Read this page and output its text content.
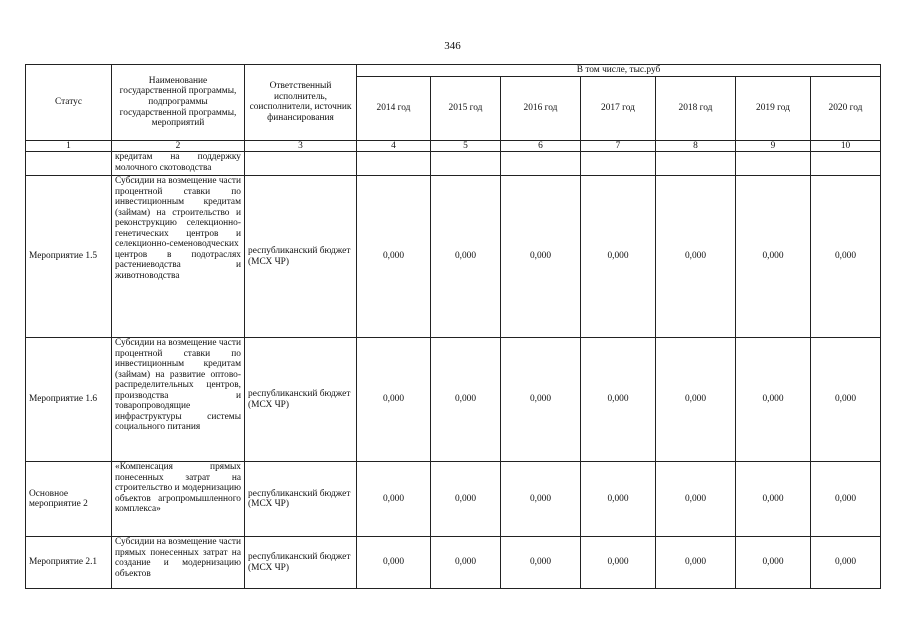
346
Статус	Наименование государственной программы, подпрограммы государственной программы, мероприятий	Ответственный исполнитель, соисполнители, источник финансирования	В том числе, тыс.руб						
			2014 год	2015 год	2016 год	2017 год	2018 год	2019 год	2020 год
1	2	3	4	5	6	7	8	9	10
	кредитам на поддержку молочного скотоводства								
Мероприятие 1.5	Субсидии на возмещение части процентной ставки по инвестиционным кредитам (займам) на строительство и реконструкцию селекционно-генетических центров и селекционно-семеноводческих центров в подотраслях растениеводства и животноводства	республиканский бюджет (МСХ ЧР)	0,000	0,000	0,000	0,000	0,000	0,000	0,000
Мероприятие 1.6	Субсидии на возмещение части процентной ставки по инвестиционным кредитам (займам) на развитие оптово-распределительных центров, производства и товаропроводящие инфраструктуры системы социального питания	республиканский бюджет (МСХ ЧР)	0,000	0,000	0,000	0,000	0,000	0,000	0,000
Основное мероприятие 2	«Компенсация прямых понесенных затрат на строительство и модернизацию объектов агропромышленного комплекса»	республиканский бюджет (МСХ ЧР)	0,000	0,000	0,000	0,000	0,000	0,000	0,000
Мероприятие 2.1	Субсидии на возмещение части прямых понесенных затрат на создание и модернизацию объектов	республиканский бюджет (МСХ ЧР)	0,000	0,000	0,000	0,000	0,000	0,000	0,000
